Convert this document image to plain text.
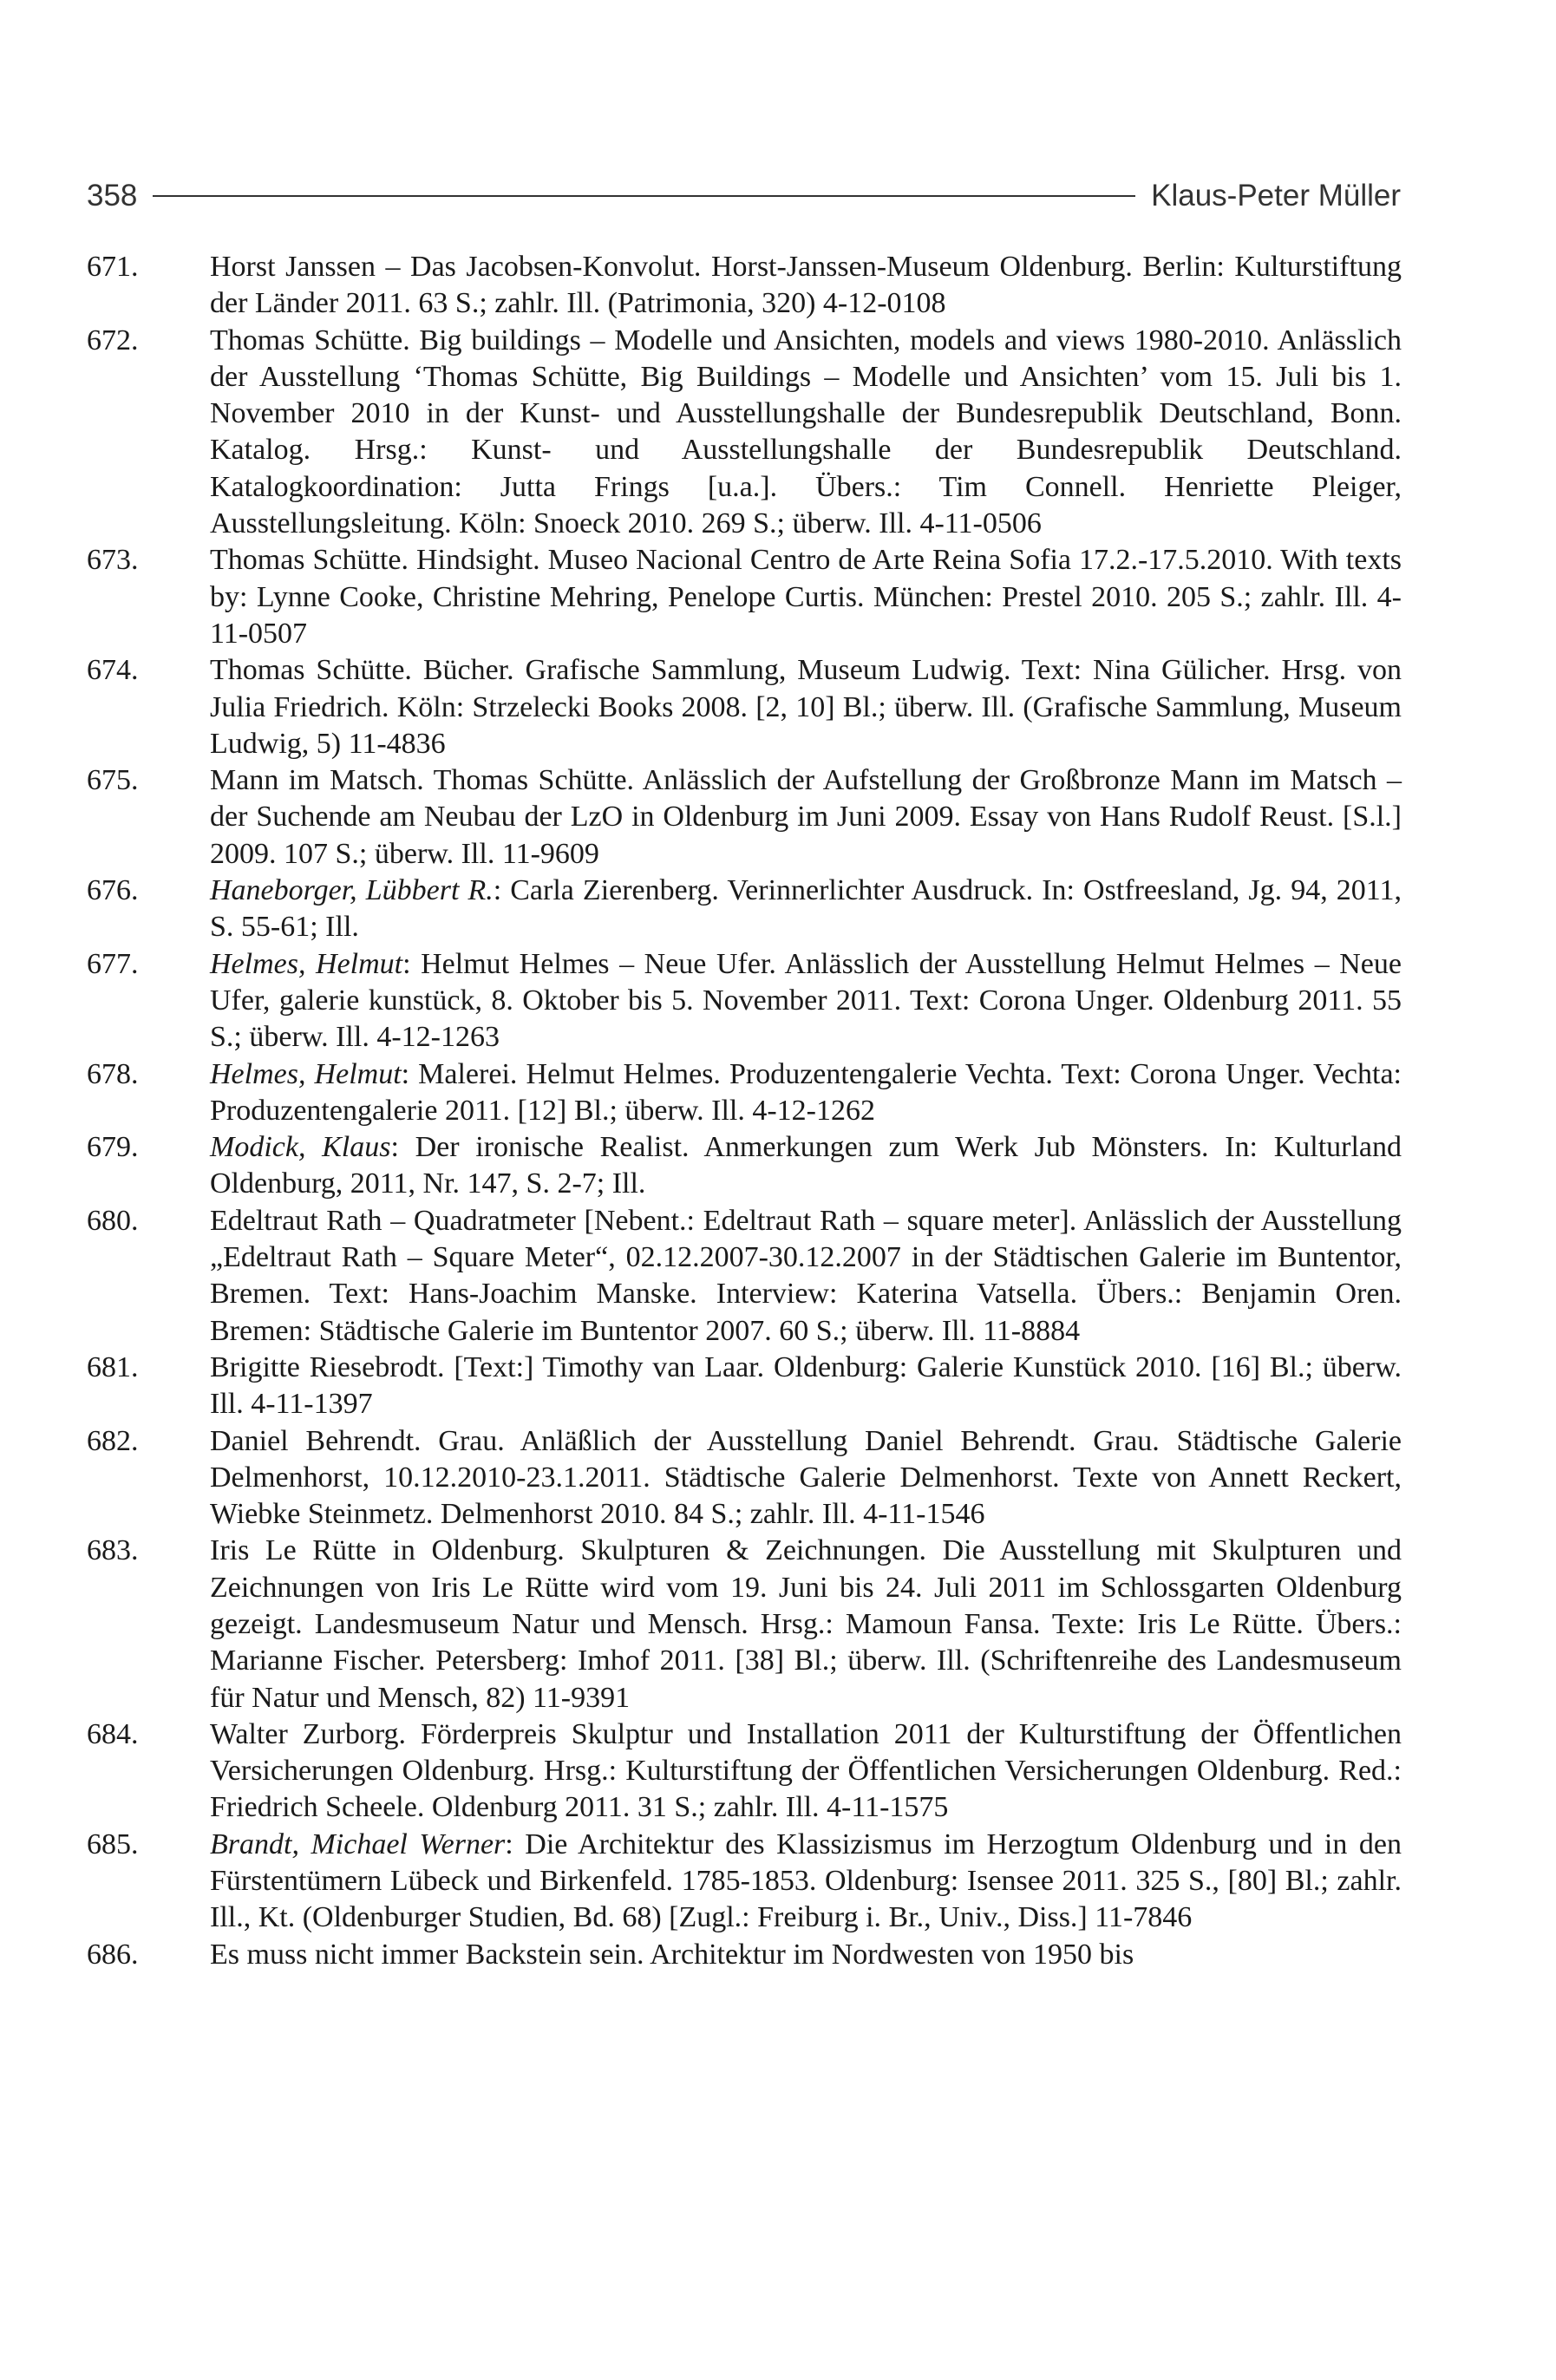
358	Klaus-Peter Müller
671.	Horst Janssen – Das Jacobsen-Konvolut. Horst-Janssen-Museum Oldenburg. Berlin: Kulturstiftung der Länder 2011. 63 S.; zahlr. Ill. (Patrimonia, 320) 4-12-0108
672.	Thomas Schütte. Big buildings – Modelle und Ansichten, models and views 1980-2010. Anlässlich der Ausstellung ‘Thomas Schütte, Big Buildings – Modelle und Ansichten’ vom 15. Juli bis 1. November 2010 in der Kunst- und Ausstellungshalle der Bundesrepublik Deutschland, Bonn. Katalog. Hrsg.: Kunst- und Ausstellungshalle der Bundesrepublik Deutschland. Katalogkoordination: Jutta Frings [u.a.]. Übers.: Tim Connell. Henriette Pleiger, Ausstellungsleitung. Köln: Snoeck 2010. 269 S.; überw. Ill. 4-11-0506
673.	Thomas Schütte. Hindsight. Museo Nacional Centro de Arte Reina Sofia 17.2.-17.5.2010. With texts by: Lynne Cooke, Christine Mehring, Penelope Curtis. München: Prestel 2010. 205 S.; zahlr. Ill. 4-11-0507
674.	Thomas Schütte. Bücher. Grafische Sammlung, Museum Ludwig. Text: Nina Gülicher. Hrsg. von Julia Friedrich. Köln: Strzelecki Books 2008. [2, 10] Bl.; überw. Ill. (Grafische Sammlung, Museum Ludwig, 5) 11-4836
675.	Mann im Matsch. Thomas Schütte. Anlässlich der Aufstellung der Großbronze Mann im Matsch – der Suchende am Neubau der LzO in Oldenburg im Juni 2009. Essay von Hans Rudolf Reust. [S.l.] 2009. 107 S.; überw. Ill. 11-9609
676.	Haneborger, Lübbert R.: Carla Zierenberg. Verinnerlichter Ausdruck. In: Ostfreesland, Jg. 94, 2011, S. 55-61; Ill.
677.	Helmes, Helmut: Helmut Helmes – Neue Ufer. Anlässlich der Ausstellung Helmut Helmes – Neue Ufer, galerie kunstück, 8. Oktober bis 5. November 2011. Text: Corona Unger. Oldenburg 2011. 55 S.; überw. Ill. 4-12-1263
678.	Helmes, Helmut: Malerei. Helmut Helmes. Produzentengalerie Vechta. Text: Corona Unger. Vechta: Produzentengalerie 2011. [12] Bl.; überw. Ill. 4-12-1262
679.	Modick, Klaus: Der ironische Realist. Anmerkungen zum Werk Jub Mönsters. In: Kulturland Oldenburg, 2011, Nr. 147, S. 2-7; Ill.
680.	Edeltraut Rath – Quadratmeter [Nebent.: Edeltraut Rath – square meter]. Anlässlich der Ausstellung „Edeltraut Rath – Square Meter“, 02.12.2007-30.12.2007 in der Städtischen Galerie im Buntentor, Bremen. Text: Hans-Joachim Manske. Interview: Katerina Vatsella. Übers.: Benjamin Oren. Bremen: Städtische Galerie im Buntentor 2007. 60 S.; überw. Ill. 11-8884
681.	Brigitte Riesebrodt. [Text:] Timothy van Laar. Oldenburg: Galerie Kunstück 2010. [16] Bl.; überw. Ill. 4-11-1397
682.	Daniel Behrendt. Grau. Anläßlich der Ausstellung Daniel Behrendt. Grau. Städtische Galerie Delmenhorst, 10.12.2010-23.1.2011. Städtische Galerie Delmenhorst. Texte von Annett Reckert, Wiebke Steinmetz. Delmenhorst 2010. 84 S.; zahlr. Ill. 4-11-1546
683.	Iris Le Rütte in Oldenburg. Skulpturen & Zeichnungen. Die Ausstellung mit Skulpturen und Zeichnungen von Iris Le Rütte wird vom 19. Juni bis 24. Juli 2011 im Schlossgarten Oldenburg gezeigt. Landesmuseum Natur und Mensch. Hrsg.: Mamoun Fansa. Texte: Iris Le Rütte. Übers.: Marianne Fischer. Petersberg: Imhof 2011. [38] Bl.; überw. Ill. (Schriftenreihe des Landesmuseum für Natur und Mensch, 82) 11-9391
684.	Walter Zurborg. Förderpreis Skulptur und Installation 2011 der Kulturstiftung der Öffentlichen Versicherungen Oldenburg. Hrsg.: Kulturstiftung der Öffentlichen Versicherungen Oldenburg. Red.: Friedrich Scheele. Oldenburg 2011. 31 S.; zahlr. Ill. 4-11-1575
685.	Brandt, Michael Werner: Die Architektur des Klassizismus im Herzogtum Oldenburg und in den Fürstentümern Lübeck und Birkenfeld. 1785-1853. Oldenburg: Isensee 2011. 325 S., [80] Bl.; zahlr. Ill., Kt. (Oldenburger Studien, Bd. 68) [Zugl.: Freiburg i. Br., Univ., Diss.] 11-7846
686.	Es muss nicht immer Backstein sein. Architektur im Nordwesten von 1950 bis
